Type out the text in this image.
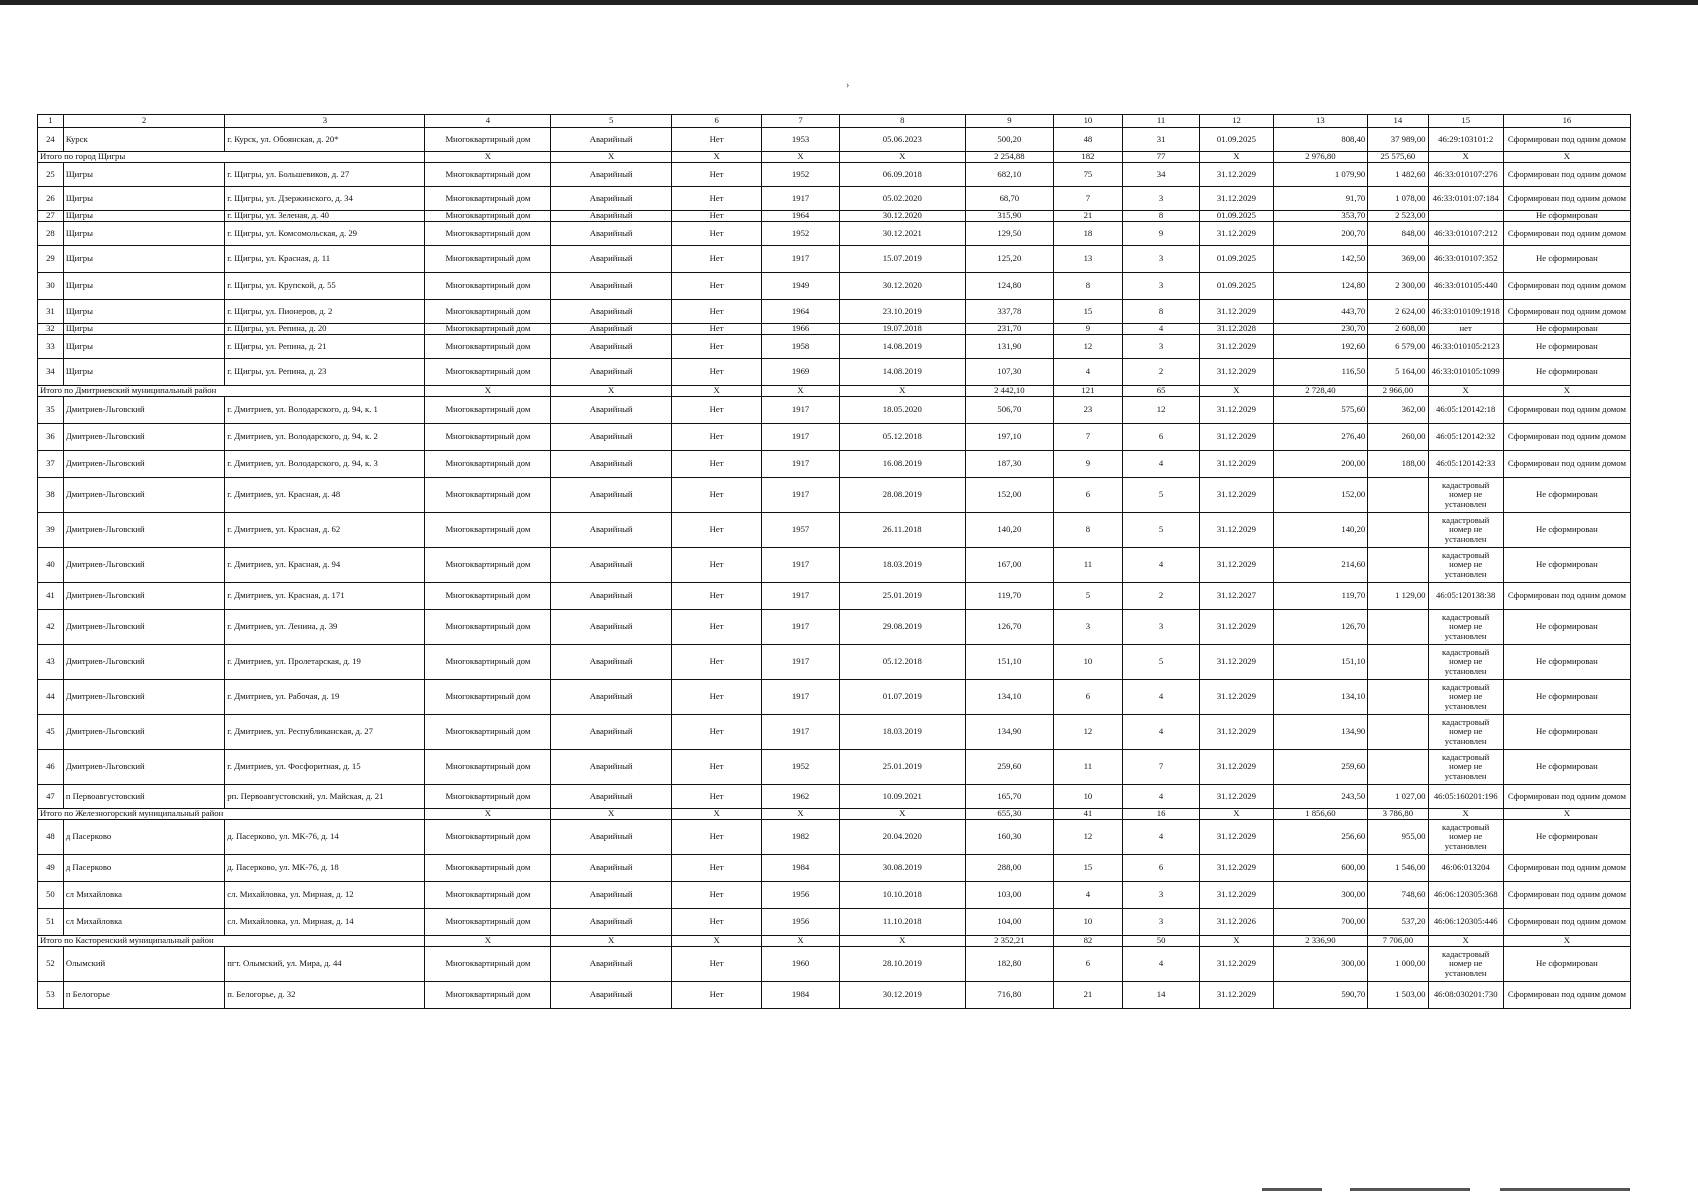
›
1	2	3	4	5	6	7	8	9	10	11	12	13	14	15	16
24	Курск	г. Курск, ул. Обоянская, д. 20*	Многоквартирный дом	Аварийный	Нет	1953	05.06.2023	500,20	48	31	01.09.2025	808,40	37 989,00	46:29:103101:2	Сформирован под одним домом
Итого по город Щигры			X	X	X	X	X	2 254,88	182	77	X	2 976,80	25 575,60	X	X
25	Щигры	г. Щигры, ул. Большевиков, д. 27	Многоквартирный дом	Аварийный	Нет	1952	06.09.2018	682,10	75	34	31.12.2029	1 079,90	1 482,60	46:33:010107:276	Сформирован под одним домом
26	Щигры	г. Щигры, ул. Дзержинского, д. 34	Многоквартирный дом	Аварийный	Нет	1917	05.02.2020	68,70	7	3	31.12.2029	91,70	1 078,00	46:33:0101:07:184	Сформирован под одним домом
27	Щигры	г. Щигры, ул. Зеленая, д. 40	Многоквартирный дом	Аварийный	Нет	1964	30.12.2020	315,90	21	8	01.09.2025	353,70	2 523,00		Не сформирован
28	Щигры	г. Щигры, ул. Комсомольская, д. 29	Многоквартирный дом	Аварийный	Нет	1952	30.12.2021	129,50	18	9	31.12.2029	200,70	848,00	46:33:010107:212	Сформирован под одним домом
29	Щигры	г. Щигры, ул. Красная, д. 11	Многоквартирный дом	Аварийный	Нет	1917	15.07.2019	125,20	13	3	01.09.2025	142,50	369,00	46:33:010107:352	Не сформирован
30	Щигры	г. Щигры, ул. Крупской, д. 55	Многоквартирный дом	Аварийный	Нет	1949	30.12.2020	124,80	8	3	01.09.2025	124,80	2 300,00	46:33:010105:440	Сформирован под одним домом
31	Щигры	г. Щигры, ул. Пионеров, д. 2	Многоквартирный дом	Аварийный	Нет	1964	23.10.2019	337,78	15	8	31.12.2029	443,70	2 624,00	46:33:010109:1918	Сформирован под одним домом
32	Щигры	г. Щигры, ул. Репина, д. 20	Многоквартирный дом	Аварийный	Нет	1966	19.07.2018	231,70	9	4	31.12.2028	230,70	2 608,00	нет	Не сформирован
33	Щигры	г. Щигры, ул. Репина, д. 21	Многоквартирный дом	Аварийный	Нет	1958	14.08.2019	131,90	12	3	31.12.2029	192,60	6 579,00	46:33:010105:2123	Не сформирован
34	Щигры	г. Щигры, ул. Репина, д. 23	Многоквартирный дом	Аварийный	Нет	1969	14.08.2019	107,30	4	2	31.12.2029	116,50	5 164,00	46:33:010105:1099	Не сформирован
Итого по Дмитриевский муниципальный район			X	X	X	X	X	2 442,10	121	65	X	2 728,40	2 966,00	X	X
35	Дмитриев-Льговский	г. Дмитриев, ул. Володарского, д. 94, к. 1	Многоквартирный дом	Аварийный	Нет	1917	18.05.2020	506,70	23	12	31.12.2029	575,60	362,00	46:05:120142:18	Сформирован под одним домом
36	Дмитриев-Льговский	г. Дмитриев, ул. Володарского, д. 94, к. 2	Многоквартирный дом	Аварийный	Нет	1917	05.12.2018	197,10	7	6	31.12.2029	276,40	260,00	46:05:120142:32	Сформирован под одним домом
37	Дмитриев-Льговский	г. Дмитриев, ул. Володарского, д. 94, к. 3	Многоквартирный дом	Аварийный	Нет	1917	16.08.2019	187,30	9	4	31.12.2029	200,00	188,00	46:05:120142:33	Сформирован под одним домом
38	Дмитриев-Льговский	г. Дмитриев, ул. Красная, д. 48	Многоквартирный дом	Аварийный	Нет	1917	28.08.2019	152,00	6	5	31.12.2029	152,00		кадастровый номер не установлен	Не сформирован
39	Дмитриев-Льговский	г. Дмитриев, ул. Красная, д. 62	Многоквартирный дом	Аварийный	Нет	1957	26.11.2018	140,20	8	5	31.12.2029	140,20		кадастровый номер не установлен	Не сформирован
40	Дмитриев-Льговский	г. Дмитриев, ул. Красная, д. 94	Многоквартирный дом	Аварийный	Нет	1917	18.03.2019	167,00	11	4	31.12.2029	214,60		кадастровый номер не установлен	Не сформирован
41	Дмитриев-Льговский	г. Дмитриев, ул. Красная, д. 171	Многоквартирный дом	Аварийный	Нет	1917	25.01.2019	119,70	5	2	31.12.2027	119,70	1 129,00	46:05:120138:38	Сформирован под одним домом
42	Дмитриев-Льговский	г. Дмитриев, ул. Ленина, д. 39	Многоквартирный дом	Аварийный	Нет	1917	29.08.2019	126,70	3	3	31.12.2029	126,70		кадастровый номер не установлен	Не сформирован
43	Дмитриев-Льговский	г. Дмитриев, ул. Пролетарская, д. 19	Многоквартирный дом	Аварийный	Нет	1917	05.12.2018	151,10	10	5	31.12.2029	151,10		кадастровый номер не установлен	Не сформирован
44	Дмитриев-Льговский	г. Дмитриев, ул. Рабочая, д. 19	Многоквартирный дом	Аварийный	Нет	1917	01.07.2019	134,10	6	4	31.12.2029	134,10		кадастровый номер не установлен	Не сформирован
45	Дмитриев-Льговский	г. Дмитриев, ул. Республиканская, д. 27	Многоквартирный дом	Аварийный	Нет	1917	18.03.2019	134,90	12	4	31.12.2029	134,90		кадастровый номер не установлен	Не сформирован
46	Дмитриев-Льговский	г. Дмитриев, ул. Фосфоритная, д. 15	Многоквартирный дом	Аварийный	Нет	1952	25.01.2019	259,60	11	7	31.12.2029	259,60		кадастровый номер не установлен	Не сформирован
47	п Первоавгустовский	рп. Первоавгустовский, ул. Майская, д. 21	Многоквартирный дом	Аварийный	Нет	1962	10.09.2021	165,70	10	4	31.12.2029	243,50	1 027,00	46:05:160201:196	Сформирован под одним домом
Итого по Железногорский муниципальный район			X	X	X	X	X	655,30	41	16	X	1 856,60	3 786,80	X	X
48	д Пасерково	д. Пасерково, ул. МК-76, д. 14	Многоквартирный дом	Аварийный	Нет	1982	20.04.2020	160,30	12	4	31.12.2029	256,60	955,00	кадастровый номер не установлен	Не сформирован
49	д Пасерково	д. Пасерково, ул. МК-76, д. 18	Многоквартирный дом	Аварийный	Нет	1984	30.08.2019	288,00	15	6	31.12.2029	600,00	1 546,00	46:06:013204	Сформирован под одним домом
50	сл Михайловка	сл. Михайловка, ул. Мирная, д. 12	Многоквартирный дом	Аварийный	Нет	1956	10.10.2018	103,00	4	3	31.12.2029	300,00	748,60	46:06:120305:368	Сформирован под одним домом
51	сл Михайловка	сл. Михайловка, ул. Мирная, д. 14	Многоквартирный дом	Аварийный	Нет	1956	11.10.2018	104,00	10	3	31.12.2026	700,00	537,20	46:06:120305:446	Сформирован под одним домом
Итого по Касторенский муниципальный район			X	X	X	X	X	2 352,21	82	50	X	2 336,90	7 706,00	X	X
52	Олымский	пгт. Олымский, ул. Мира, д. 44	Многоквартирный дом	Аварийный	Нет	1960	28.10.2019	182,80	6	4	31.12.2029	300,00	1 000,00	кадастровый номер не установлен	Не сформирован
53	п Белогорье	п. Белогорье, д. 32	Многоквартирный дом	Аварийный	Нет	1984	30.12.2019	716,80	21	14	31.12.2029	590,70	1 503,00	46:08:030201:730	Сформирован под одним домом
